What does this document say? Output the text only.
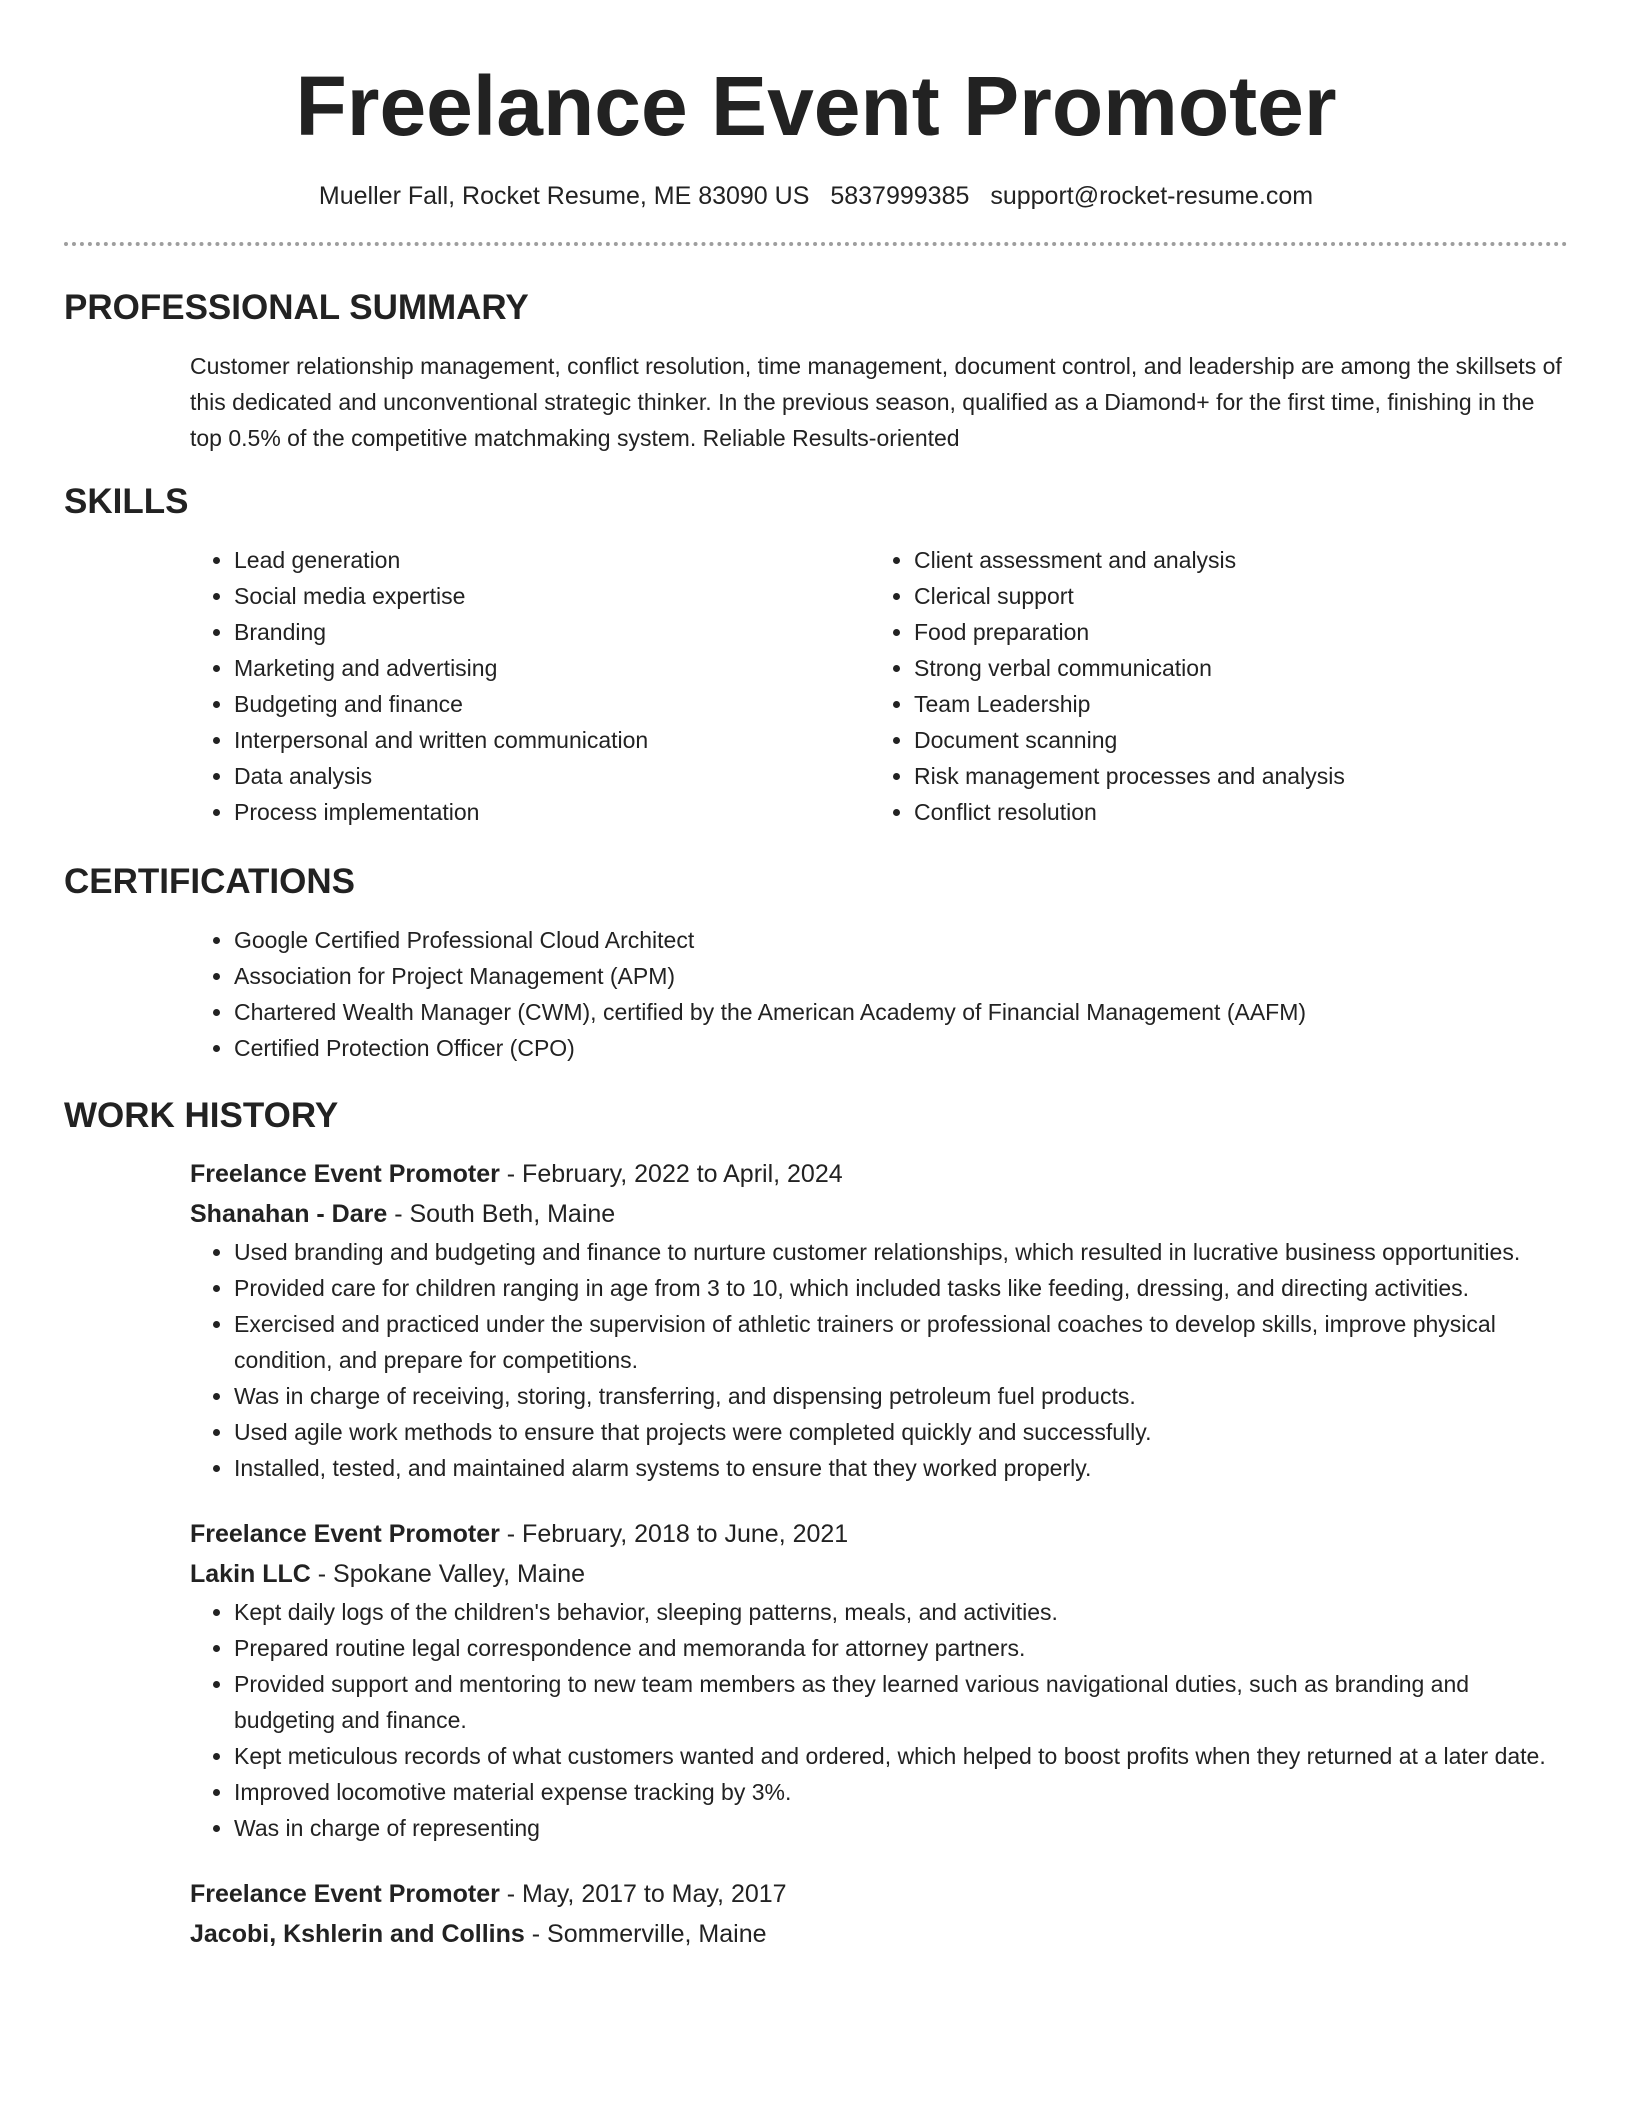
Freelance Event Promoter
Mueller Fall, Rocket Resume, ME 83090 US 5837999385 support@rocket-resume.com
PROFESSIONAL SUMMARY
Customer relationship management, conflict resolution, time management, document control, and leadership are among the skillsets of this dedicated and unconventional strategic thinker. In the previous season, qualified as a Diamond+ for the first time, finishing in the top 0.5% of the competitive matchmaking system. Reliable Results-oriented
SKILLS
• Lead generation
• Social media expertise
• Branding
• Marketing and advertising
• Budgeting and finance
• Interpersonal and written communication
• Data analysis
• Process implementation
• Client assessment and analysis
• Clerical support
• Food preparation
• Strong verbal communication
• Team Leadership
• Document scanning
• Risk management processes and analysis
• Conflict resolution
CERTIFICATIONS
• Google Certified Professional Cloud Architect
• Association for Project Management (APM)
• Chartered Wealth Manager (CWM), certified by the American Academy of Financial Management (AAFM)
• Certified Protection Officer (CPO)
WORK HISTORY
Freelance Event Promoter - February, 2022 to April, 2024
Shanahan - Dare - South Beth, Maine
• Used branding and budgeting and finance to nurture customer relationships, which resulted in lucrative business opportunities.
• Provided care for children ranging in age from 3 to 10, which included tasks like feeding, dressing, and directing activities.
• Exercised and practiced under the supervision of athletic trainers or professional coaches to develop skills, improve physical condition, and prepare for competitions.
• Was in charge of receiving, storing, transferring, and dispensing petroleum fuel products.
• Used agile work methods to ensure that projects were completed quickly and successfully.
• Installed, tested, and maintained alarm systems to ensure that they worked properly.
Freelance Event Promoter - February, 2018 to June, 2021
Lakin LLC - Spokane Valley, Maine
• Kept daily logs of the children's behavior, sleeping patterns, meals, and activities.
• Prepared routine legal correspondence and memoranda for attorney partners.
• Provided support and mentoring to new team members as they learned various navigational duties, such as branding and budgeting and finance.
• Kept meticulous records of what customers wanted and ordered, which helped to boost profits when they returned at a later date.
• Improved locomotive material expense tracking by 3%.
• Was in charge of representing
Freelance Event Promoter - May, 2017 to May, 2017
Jacobi, Kshlerin and Collins - Sommerville, Maine
